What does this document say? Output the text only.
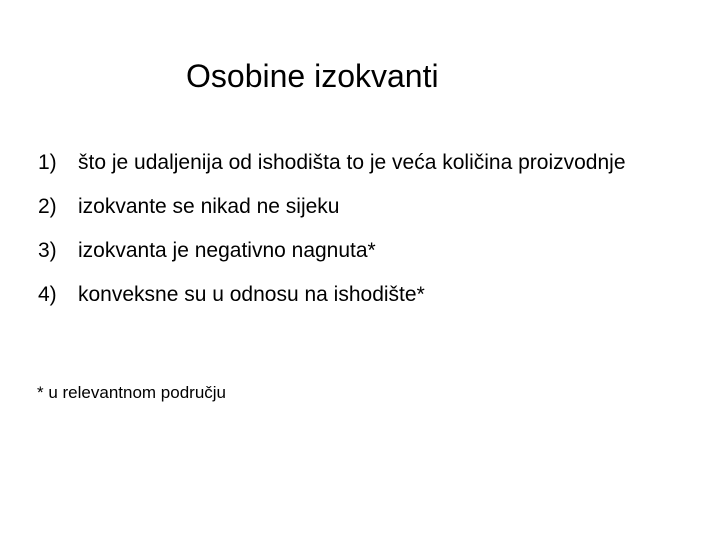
Osobine izokvanti
1)	što je udaljenija od ishodišta to je veća količina proizvodnje
2)	izokvante se nikad ne sijeku
3)	izokvanta je negativno nagnuta*
4)	konveksne su u odnosu na ishodište*
* u relevantnom području
